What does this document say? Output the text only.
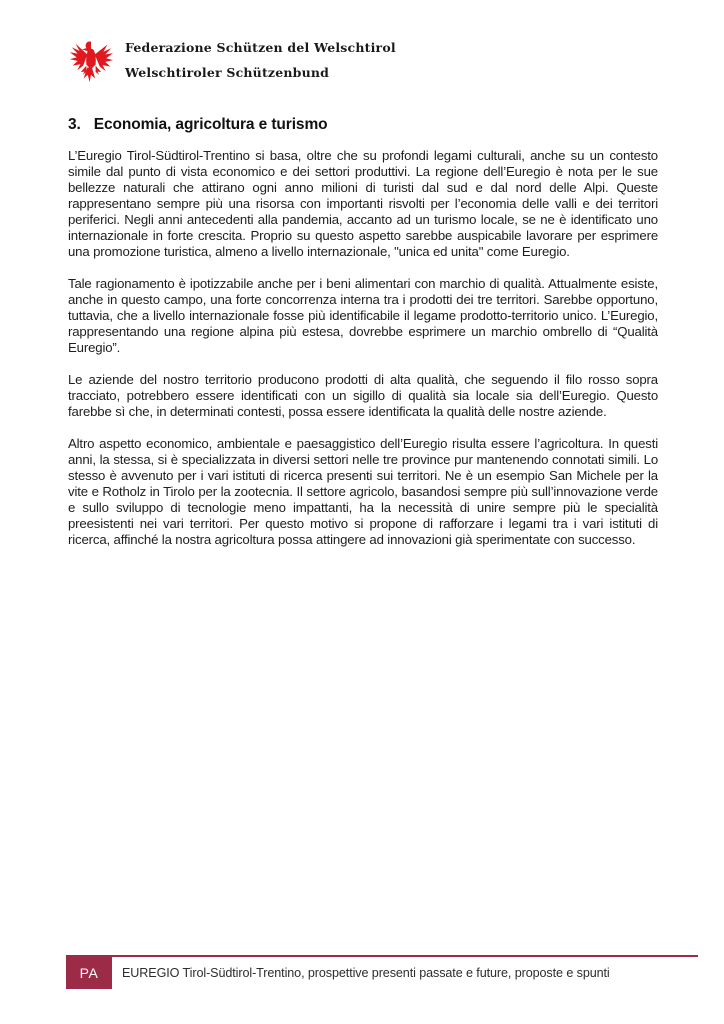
Federazione Schützen del Welschtirol
Welschtiroler Schützenbund
3. Economia, agricoltura e turismo

L’Euregio Tirol-Südtirol-Trentino si basa, oltre che su profondi legami culturali, anche su un contesto simile dal punto di vista economico e dei settori produttivi. La regione dell’Euregio è nota per le sue bellezze naturali che attirano ogni anno milioni di turisti dal sud e dal nord delle Alpi. Queste rappresentano sempre più una risorsa con importanti risvolti per l’economia delle valli e dei territori periferici. Negli anni antecedenti alla pandemia, accanto ad un turismo locale, se ne è identificato uno internazionale in forte crescita. Proprio su questo aspetto sarebbe auspicabile lavorare per esprimere una promozione turistica, almeno a livello internazionale, "unica ed unita" come Euregio.

Tale ragionamento è ipotizzabile anche per i beni alimentari con marchio di qualità. Attualmente esiste, anche in questo campo, una forte concorrenza interna tra i prodotti dei tre territori. Sarebbe opportuno, tuttavia, che a livello internazionale fosse più identificabile il legame prodotto-territorio unico. L’Euregio, rappresentando una regione alpina più estesa, dovrebbe esprimere un marchio ombrello di “Qualità Euregio”.

Le aziende del nostro territorio producono prodotti di alta qualità, che seguendo il filo rosso sopra tracciato, potrebbero essere identificati con un sigillo di qualità sia locale sia dell’Euregio. Questo farebbe sì che, in determinati contesti, possa essere identificata la qualità delle nostre aziende.

Altro aspetto economico, ambientale e paesaggistico dell’Euregio risulta essere l’agricoltura. In questi anni, la stessa, si è specializzata in diversi settori nelle tre province pur mantenendo connotati simili. Lo stesso è avvenuto per i vari istituti di ricerca presenti sui territori. Ne è un esempio San Michele per la vite e Rotholz in Tirolo per la zootecnia. Il settore agricolo, basandosi sempre più sull’innovazione verde e sullo sviluppo di tecnologie meno impattanti, ha la necessità di unire sempre più le specialità preesistenti nei vari territori. Per questo motivo si propone di rafforzare i legami tra i vari istituti di ricerca, affinché la nostra agricoltura possa attingere ad innovazioni già sperimentate con successo.

PA	EUREGIO Tirol-Südtirol-Trentino, prospettive presenti passate e future, proposte e spunti
